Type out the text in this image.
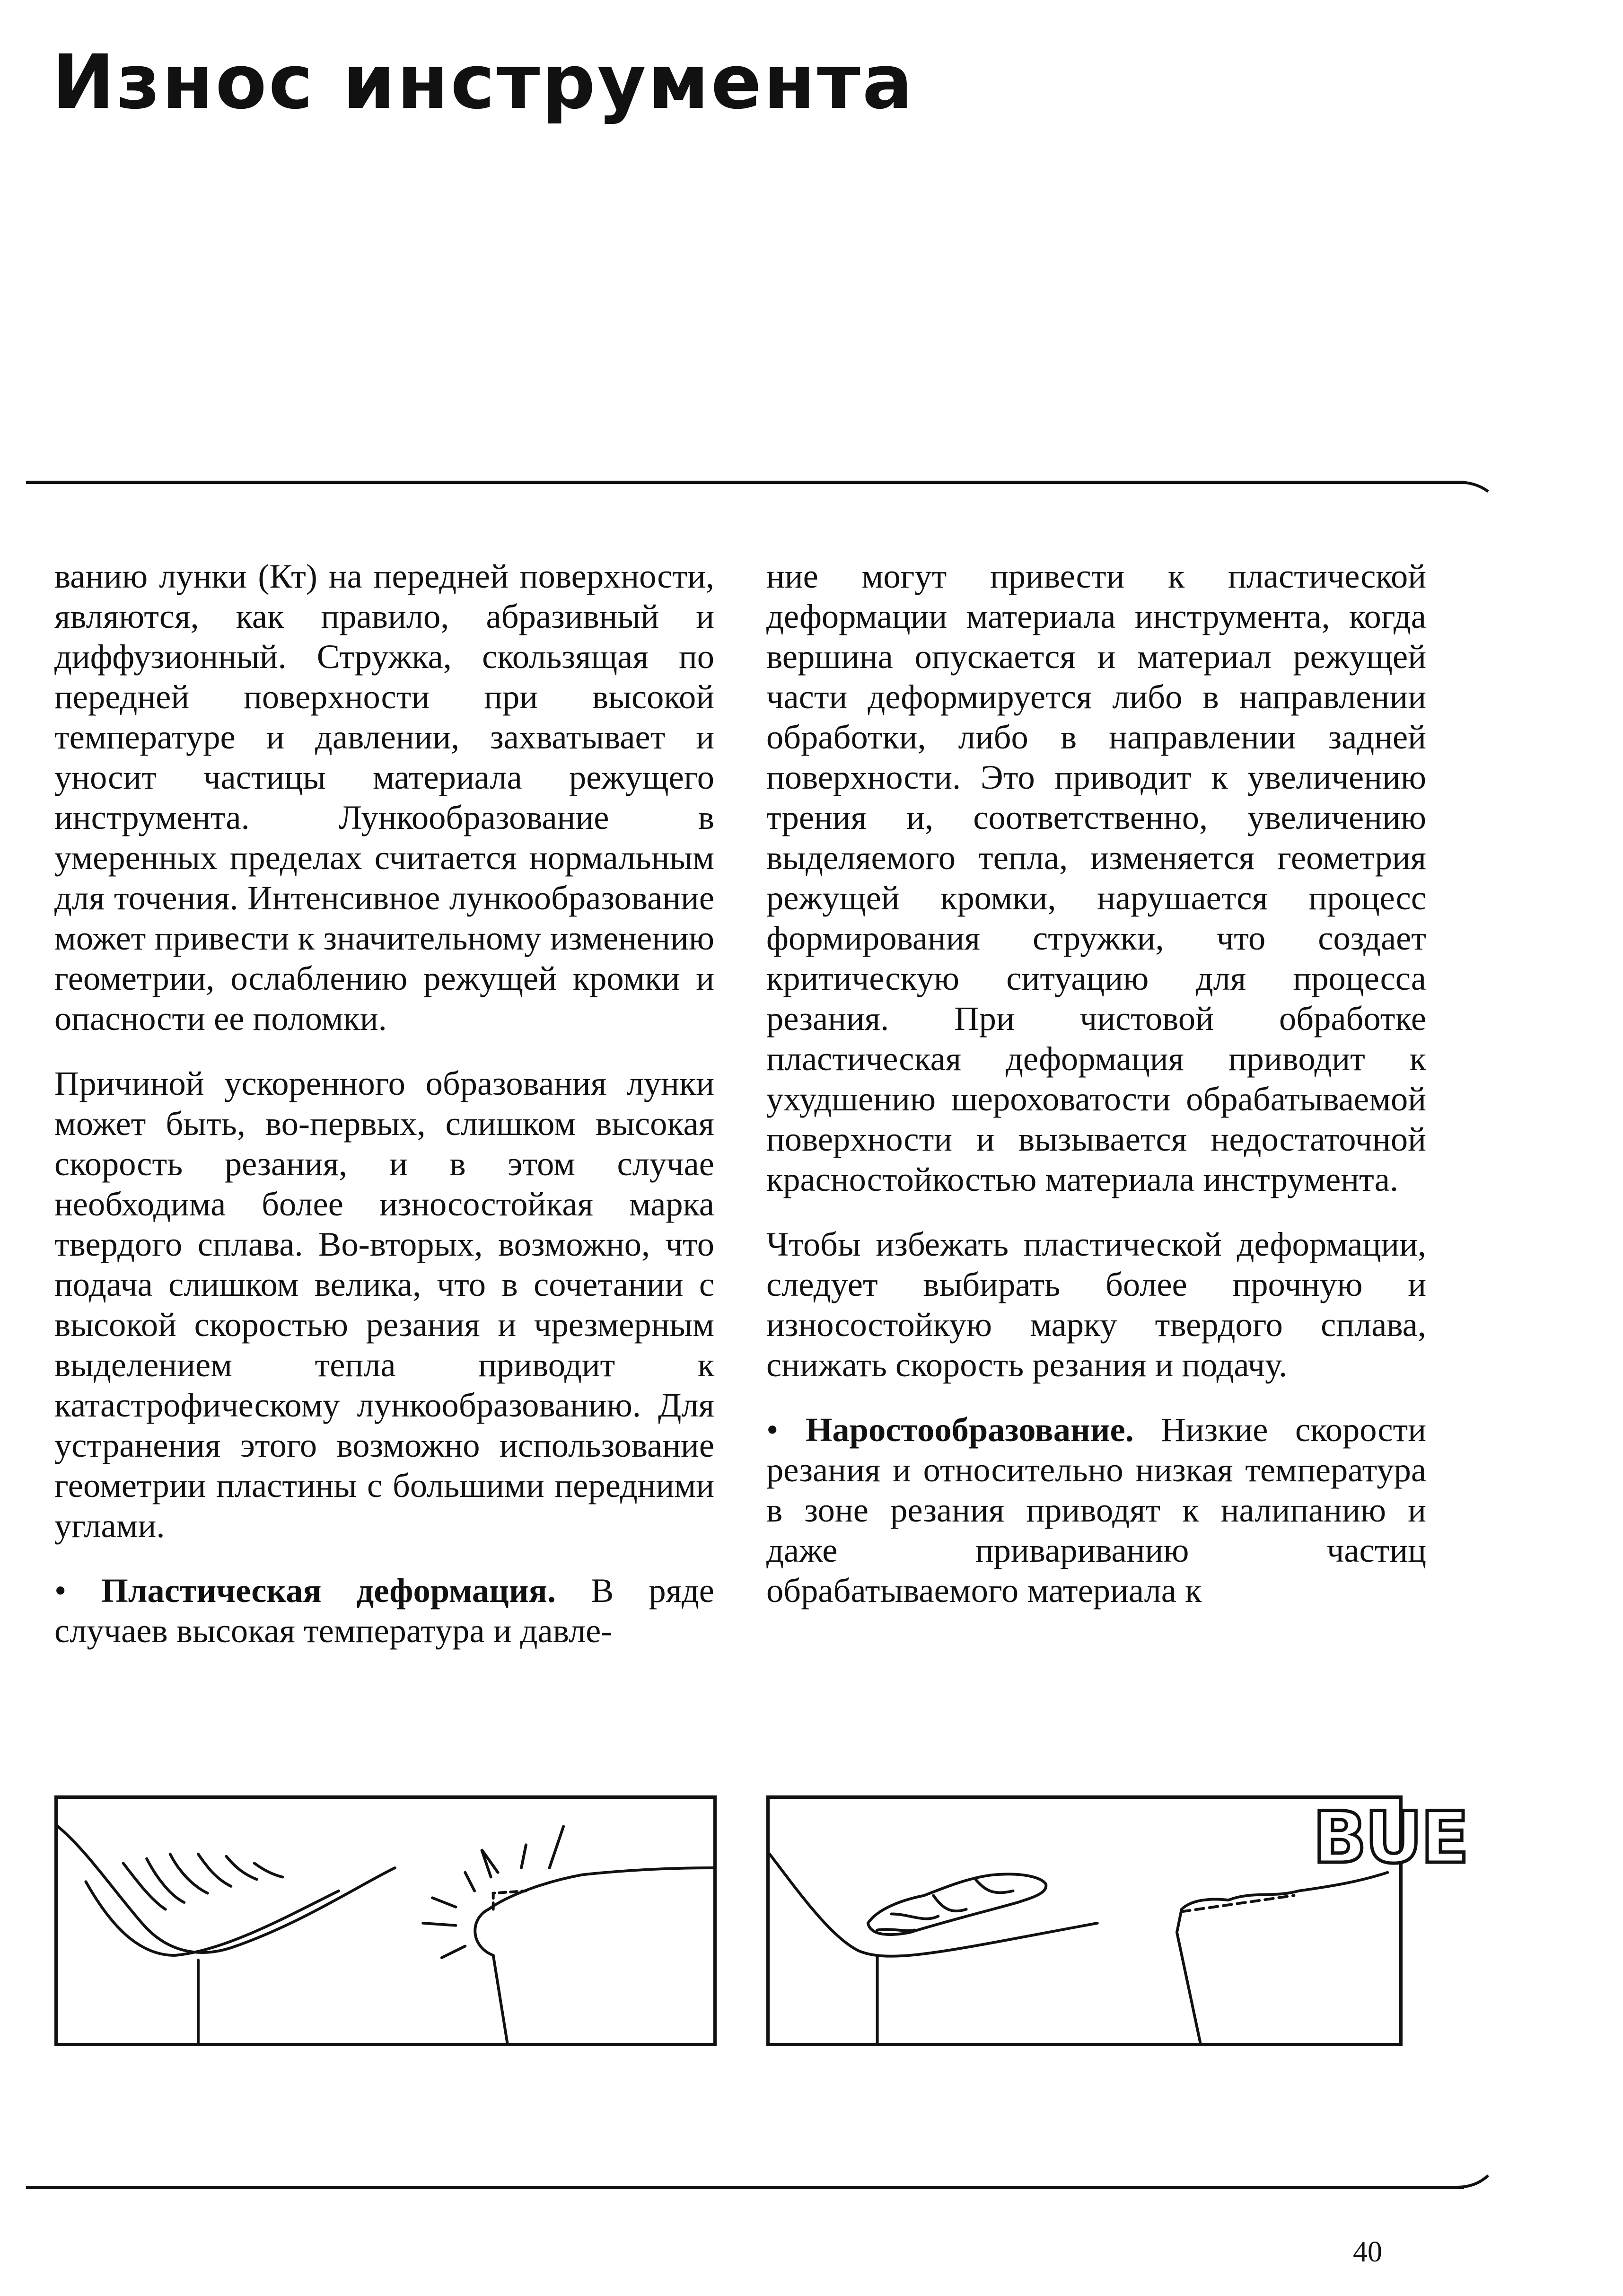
Износ инструмента

ванию лунки (Кт) на передней поверхности, являются, как правило, абразивный и диффузионный. Стружка, скользящая по передней поверхности при высокой температуре и давлении, захватывает и уносит частицы материала режущего инструмента. Лункообразование в умеренных пределах считается нормальным для точения. Интенсивное лункообразование может привести к значительному изменению геометрии, ослаблению режущей кромки и опасности ее поломки.

Причиной ускоренного образования лунки может быть, во-первых, слишком высокая скорость резания, и в этом случае необходима более износостойкая марка твердого сплава. Во-вторых, возможно, что подача слишком велика, что в сочетании с высокой скоростью резания и чрезмерным выделением тепла приводит к катастрофическому лункообразованию. Для устранения этого возможно использование геометрии пластины с большими передними углами.

• Пластическая деформация. В ряде случаев высокая температура и давле-

ние могут привести к пластической деформации материала инструмента, когда вершина опускается и материал режущей части деформируется либо в направлении обработки, либо в направлении задней поверхности. Это приводит к увеличению трения и, соответственно, увеличению выделяемого тепла, изменяется геометрия режущей кромки, нарушается процесс формирования стружки, что создает критическую ситуацию для процесса резания. При чистовой обработке пластическая деформация приводит к ухудшению шероховатости обрабатываемой поверхности и вызывается недостаточной красностойкостью материала инструмента.

Чтобы избежать пластической деформации, следует выбирать более прочную и износостойкую марку твердого сплава, снижать скорость резания и подачу.

• Наростообразование. Низкие скорости резания и относительно низкая температура в зоне резания приводят к налипанию и даже привариванию частиц обрабатываемого материала к

BUE
40
